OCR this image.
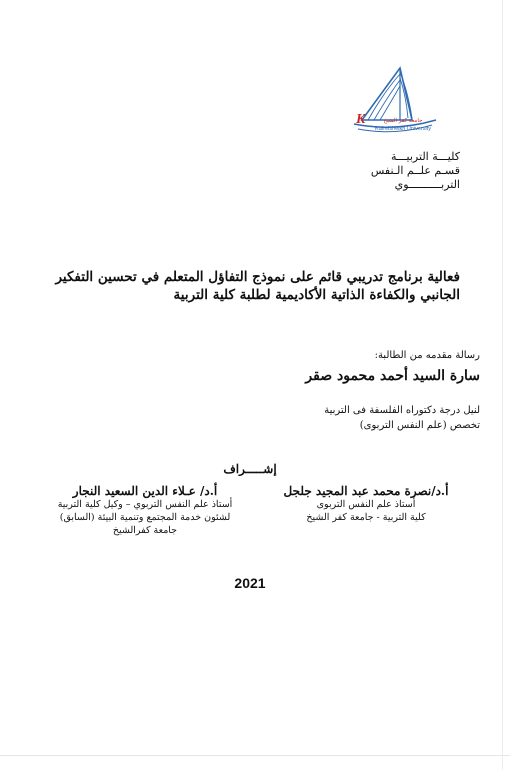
K	جامعة كفر الشيخ
Kafrelsheikh University
كليـــة التربيـــة
قسـم علــم الـنفس
التربــــــــــوي
فعالية برنامج تدريبي قائم على نموذج التفاؤل المتعلم في تحسين التفكير الجانبي والكفاءة الذاتية الأكاديمية لطلبة كلية التربية
رسالة مقدمه من الطالبة:
سارة السيد أحمد محمود صقر
لنيل درجة دكتوراه الفلسفة فى التربية
تخصص (علم النفس التربوى)
إشـــــراف
أ.د/نصرة محمد عبد المجيد جلجل
أستاذ علم النفس التربوى
كلية التربية - جامعة كفر الشيخ
أ.د/ عـلاء الدين السعيد النجار
أستاذ علم النفس التربوي – وكيل كلية التربية
لشئون خدمة المجتمع وتنمية البيئة (السابق)
جامعة كفرالشيخ
2021
